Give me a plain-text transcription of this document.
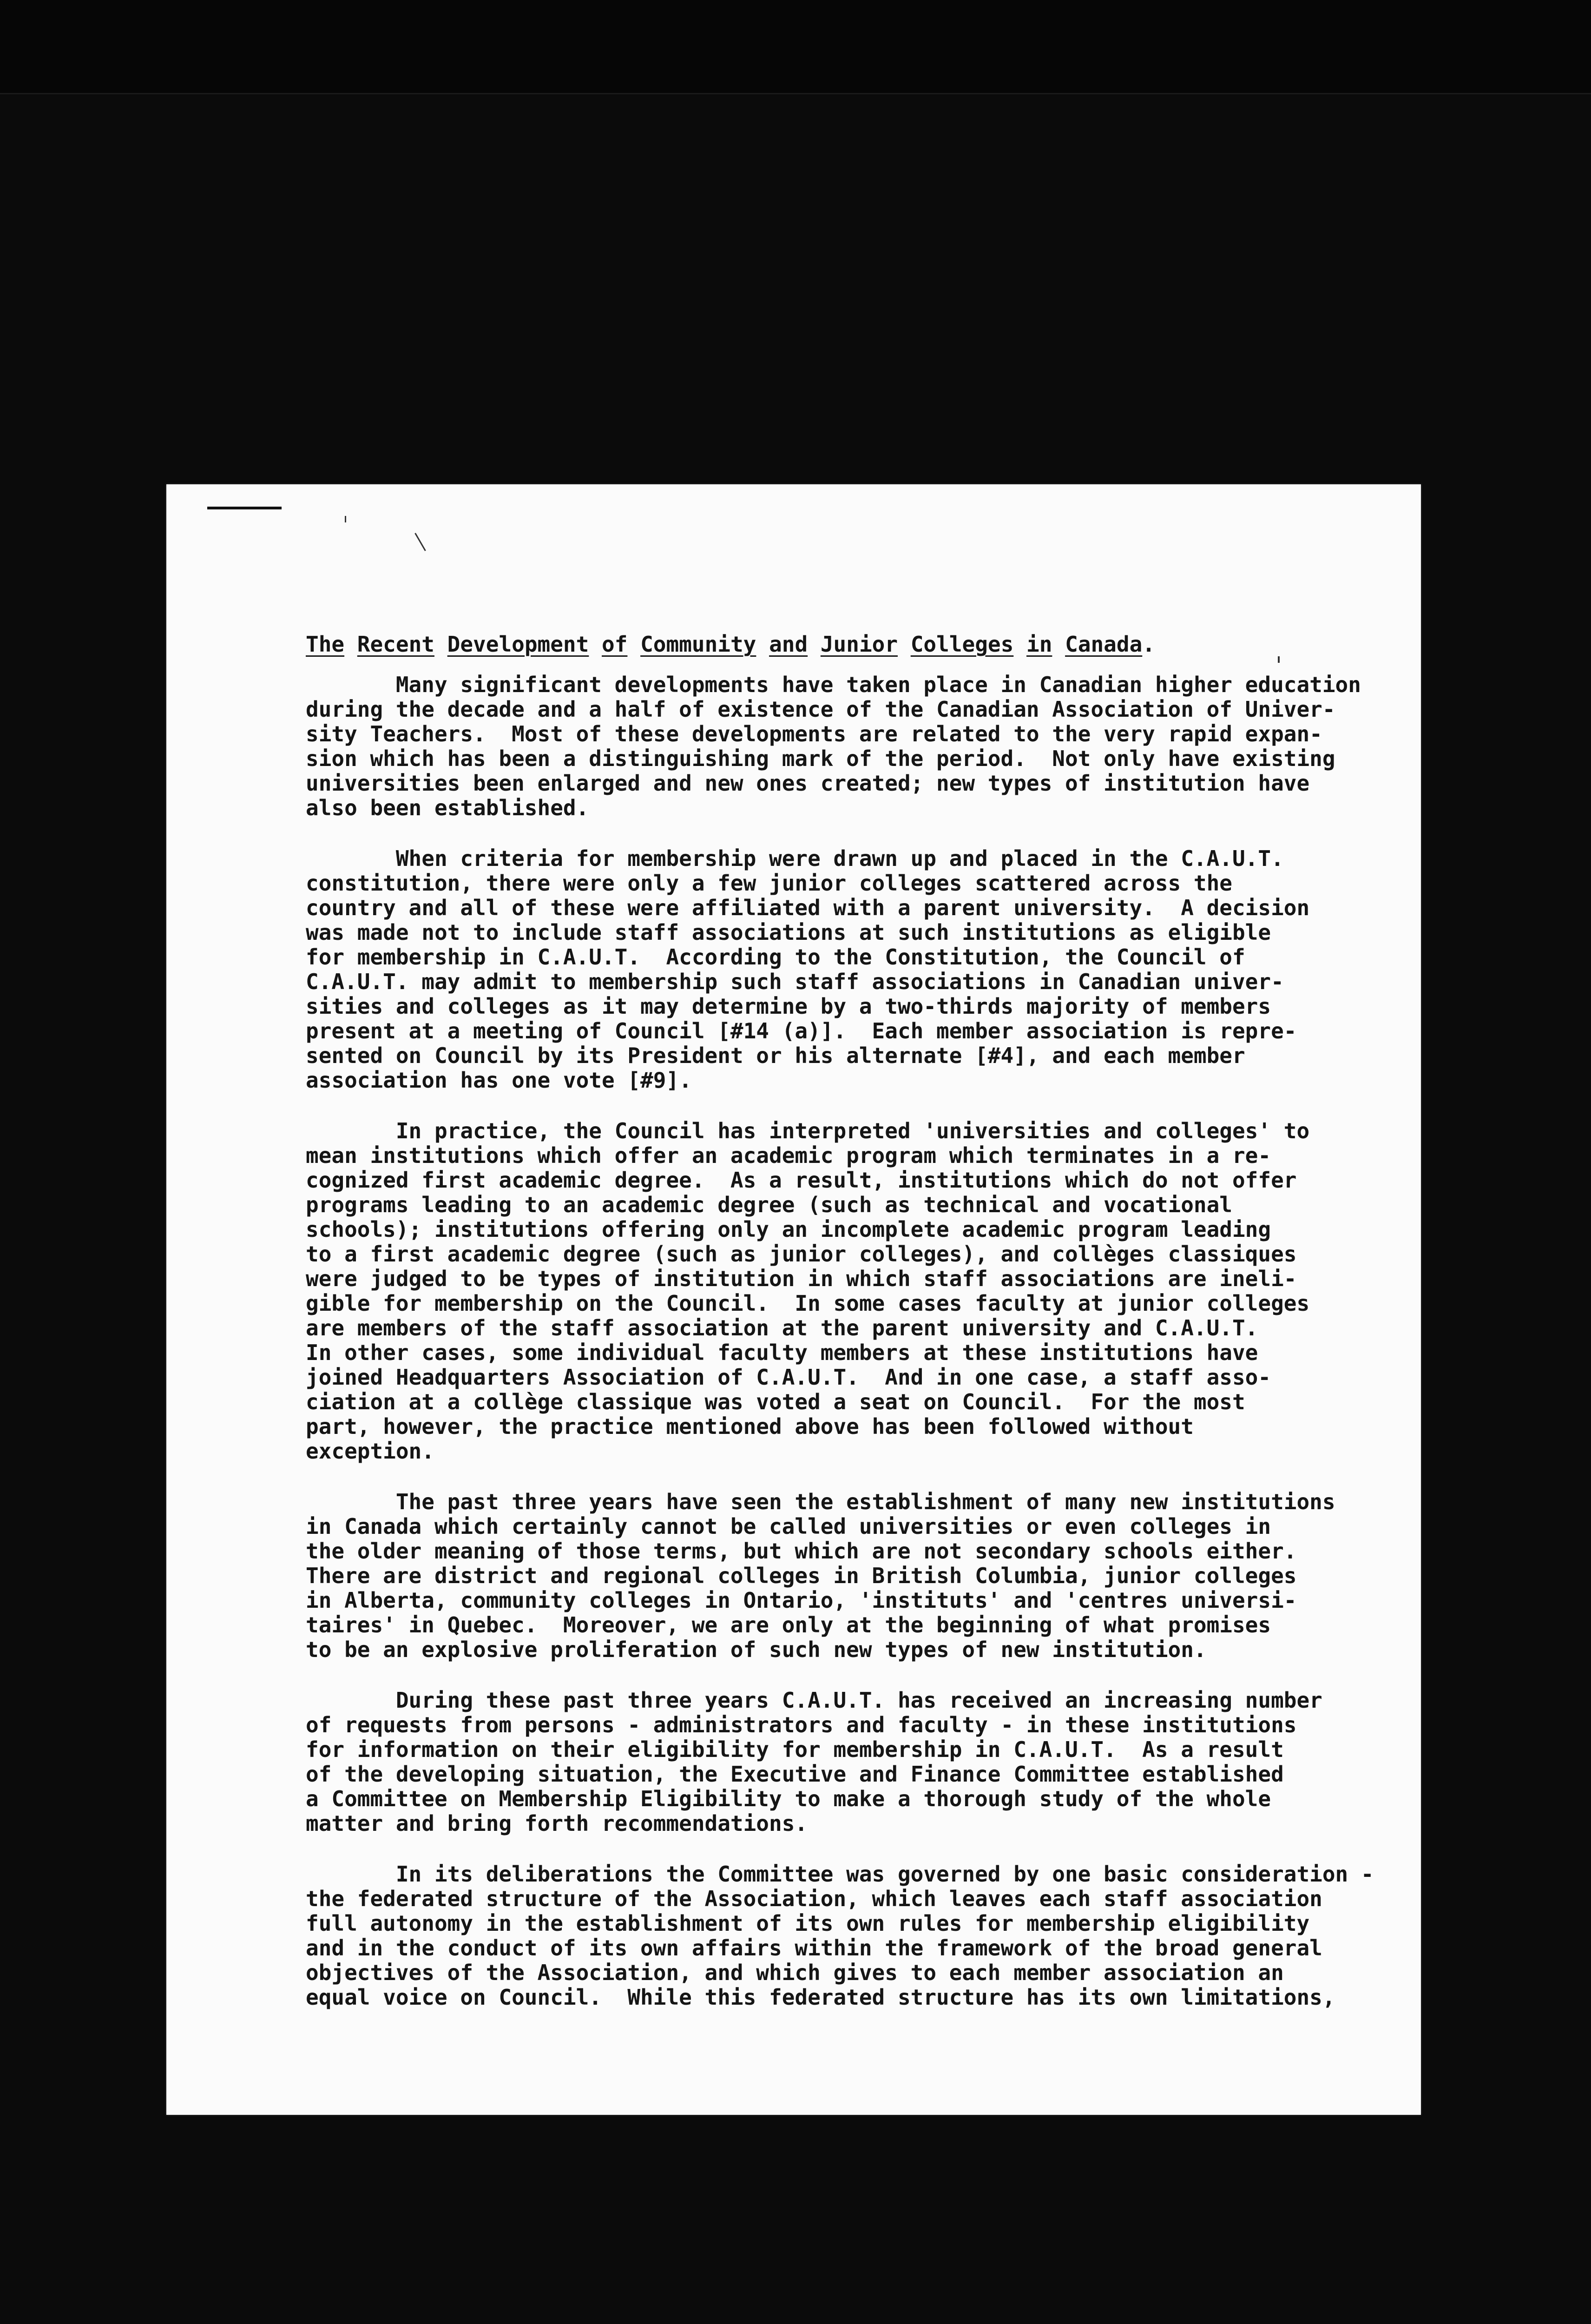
The Recent Development of Community and Junior Colleges in Canada.
Many significant developments have taken place in Canadian higher education
during the decade and a half of existence of the Canadian Association of Univer-
sity Teachers.  Most of these developments are related to the very rapid expan-
sion which has been a distinguishing mark of the period.  Not only have existing
universities been enlarged and new ones created; new types of institution have
also been established.
When criteria for membership were drawn up and placed in the C.A.U.T.
constitution, there were only a few junior colleges scattered across the
country and all of these were affiliated with a parent university.  A decision
was made not to include staff associations at such institutions as eligible
for membership in C.A.U.T.  According to the Constitution, the Council of
C.A.U.T. may admit to membership such staff associations in Canadian univer-
sities and colleges as it may determine by a two-thirds majority of members
present at a meeting of Council [#14 (a)].  Each member association is repre-
sented on Council by its President or his alternate [#4], and each member
association has one vote [#9].
In practice, the Council has interpreted 'universities and colleges' to
mean institutions which offer an academic program which terminates in a re-
cognized first academic degree.  As a result, institutions which do not offer
programs leading to an academic degree (such as technical and vocational
schools); institutions offering only an incomplete academic program leading
to a first academic degree (such as junior colleges), and collèges classiques
were judged to be types of institution in which staff associations are ineli-
gible for membership on the Council.  In some cases faculty at junior colleges
are members of the staff association at the parent university and C.A.U.T.
In other cases, some individual faculty members at these institutions have
joined Headquarters Association of C.A.U.T.  And in one case, a staff asso-
ciation at a collège classique was voted a seat on Council.  For the most
part, however, the practice mentioned above has been followed without
exception.
The past three years have seen the establishment of many new institutions
in Canada which certainly cannot be called universities or even colleges in
the older meaning of those terms, but which are not secondary schools either.
There are district and regional colleges in British Columbia, junior colleges
in Alberta, community colleges in Ontario, 'instituts' and 'centres universi-
taires' in Quebec.  Moreover, we are only at the beginning of what promises
to be an explosive proliferation of such new types of new institution.
During these past three years C.A.U.T. has received an increasing number
of requests from persons - administrators and faculty - in these institutions
for information on their eligibility for membership in C.A.U.T.  As a result
of the developing situation, the Executive and Finance Committee established
a Committee on Membership Eligibility to make a thorough study of the whole
matter and bring forth recommendations.
In its deliberations the Committee was governed by one basic consideration -
the federated structure of the Association, which leaves each staff association
full autonomy in the establishment of its own rules for membership eligibility
and in the conduct of its own affairs within the framework of the broad general
objectives of the Association, and which gives to each member association an
equal voice on Council.  While this federated structure has its own limitations,
